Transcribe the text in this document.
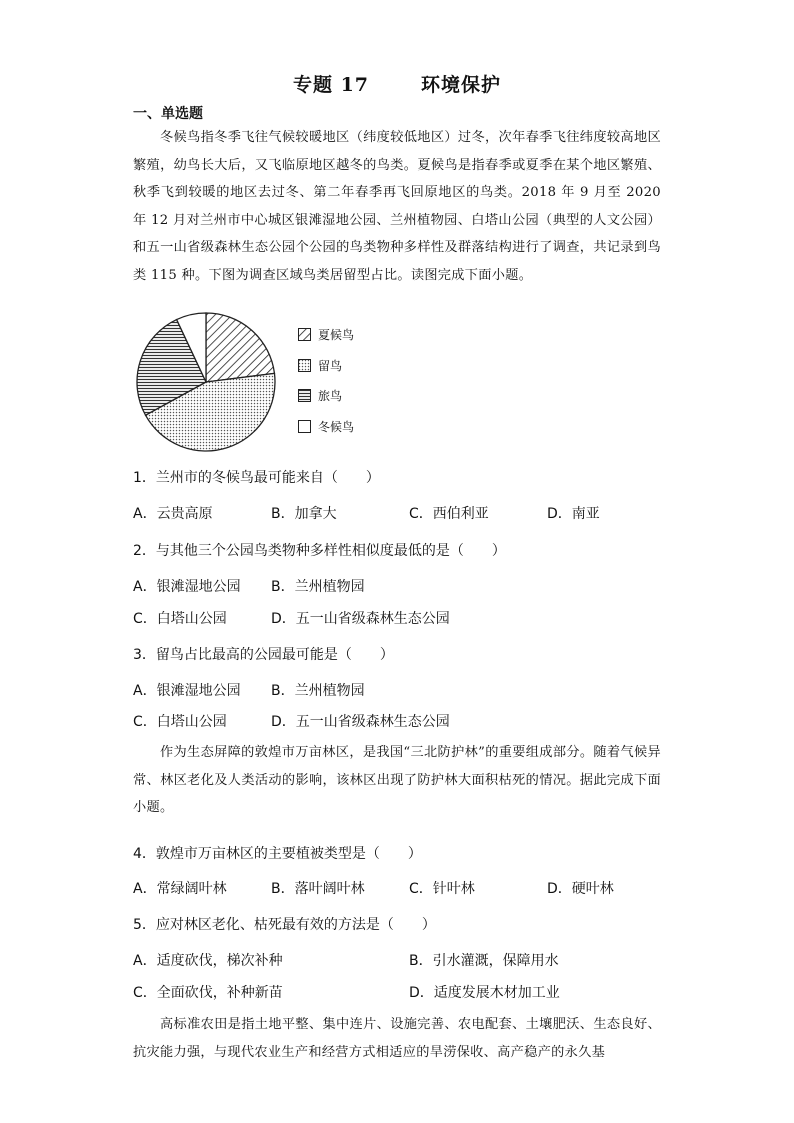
专题 17	环境保护
一、单选题
冬候鸟指冬季飞往气候较暖地区（纬度较低地区）过冬，次年春季飞往纬度较高地区繁殖，幼鸟长大后，又飞临原地区越冬的鸟类。夏候鸟是指春季或夏季在某个地区繁殖、秋季飞到较暖的地区去过冬、第二年春季再飞回原地区的鸟类。2018 年 9 月至 2020 年 12 月对兰州市中心城区银滩湿地公园、兰州植物园、白塔山公园（典型的人文公园）和五一山省级森林生态公园个公园的鸟类物种多样性及群落结构进行了调查，共记录到鸟类 115 种。下图为调查区域鸟类居留型占比。读图完成下面小题。
夏候鸟
留鸟
旅鸟
冬候鸟
1．兰州市的冬候鸟最可能来自（　　）
A．云贵高原	B．加拿大	C．西伯利亚	D．南亚
2．与其他三个公园鸟类物种多样性相似度最低的是（　　）
A．银滩湿地公园 B．兰州植物园
C．白塔山公园	D．五一山省级森林生态公园
3．留鸟占比最高的公园最可能是（　　）
A．银滩湿地公园 B．兰州植物园
C．白塔山公园	D．五一山省级森林生态公园
作为生态屏障的敦煌市万亩林区，是我国“三北防护林”的重要组成部分。随着气候异常、林区老化及人类活动的影响，该林区出现了防护林大面积枯死的情况。据此完成下面小题。
4．敦煌市万亩林区的主要植被类型是（　　）
A．常绿阔叶林	B．落叶阔叶林	C．针叶林	D．硬叶林
5．应对林区老化、枯死最有效的方法是（　　）
A．适度砍伐，梯次补种	B．引水灌溉，保障用水
C．全面砍伐，补种新苗	D．适度发展木材加工业
高标准农田是指土地平整、集中连片、设施完善、农电配套、土壤肥沃、生态良好、抗灾能力强，与现代农业生产和经营方式相适应的旱涝保收、高产稳产的永久基
